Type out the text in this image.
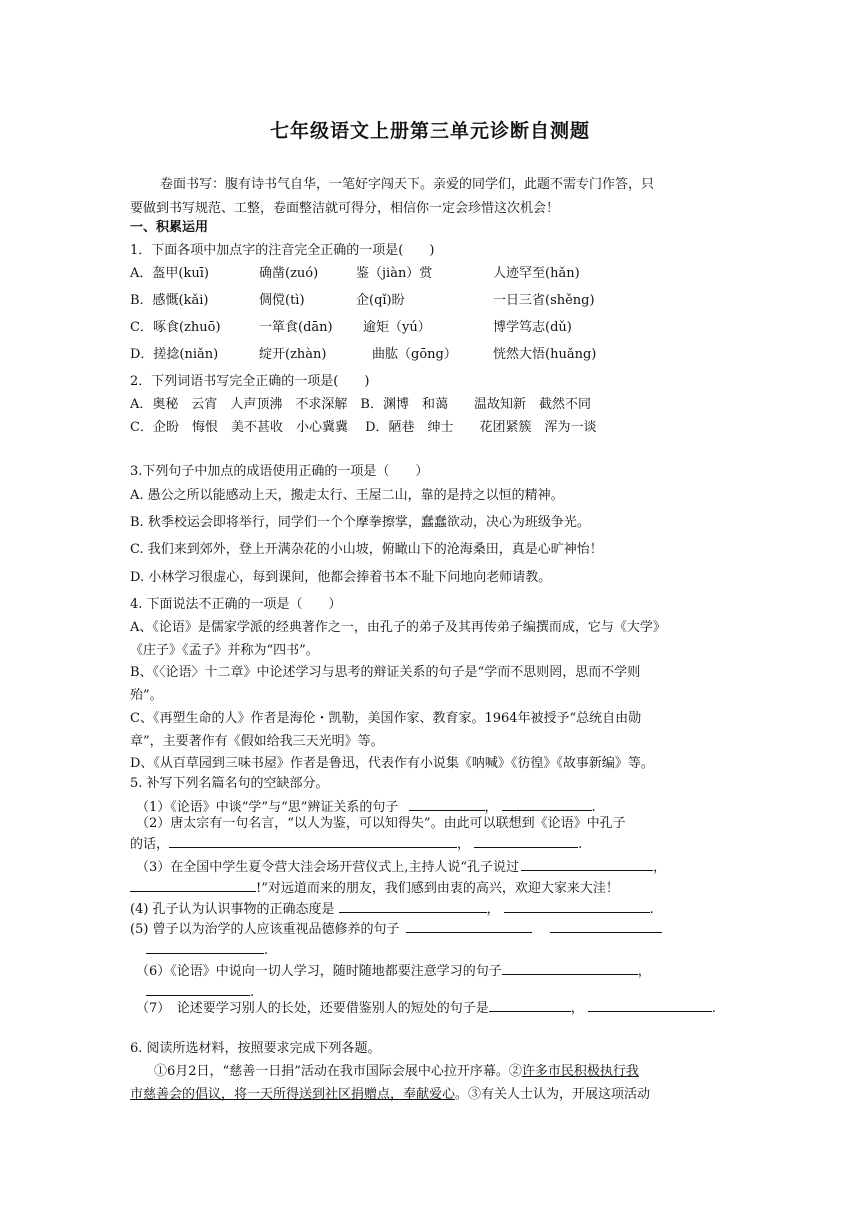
七年级语文上册第三单元诊断自测题
卷面书写：腹有诗书气自华，一笔好字闯天下。亲爱的同学们，此题不需专门作答，只
要做到书写规范、工整，卷面整洁就可得分，相信你一定会珍惜这次机会！
一、积累运用
1．下面各项中加点字的注音完全正确的一项是(　　)
A．盔甲(kuī)	确凿(zuó)	鉴（jiàn）赏	人迹罕至(hǎn)
B．感慨(kǎi)	倜傥(tì)	企(qǐ)盼	一日三省(shěng)
C．啄食(zhuō)	一箪食(dān) 逾矩（yú）	博学笃志(dǔ)
D．搓捻(niǎn)	绽开(zhàn)	曲肱（gōng）	恍然大悟(huǎng)
2．下列词语书写完全正确的一项是(　　)
A．奥秘　云宵　人声顶沸　不求深解　B．渊博　和蔼　　温故知新　截然不同
C．企盼　悔恨　美不甚收　小心冀冀　 D．陋巷　绅士　　花团紧簇　浑为一谈
3.下列句子中加点的成语使用正确的一项是（　　）
A. 愚公之所以能感动上天，搬走太行、王屋二山，靠的是持之以恒的精神。
B. 秋季校运会即将举行，同学们一个个摩拳擦掌，蠢蠢欲动，决心为班级争光。
C. 我们来到郊外，登上开满杂花的小山坡，俯瞰山下的沧海桑田，真是心旷神怡！
D. 小林学习很虚心，每到课间，他都会捧着书本不耻下问地向老师请教。
4. 下面说法不正确的一项是（　　）
A、《论语》是儒家学派的经典著作之一，由孔子的弟子及其再传弟子编撰而成，它与《大学》
《庄子》《孟子》并称为“四书”。
B、《〈论语〉十二章》中论述学习与思考的辩证关系的句子是“学而不思则罔，思而不学则
殆”。
C、《再塑生命的人》作者是海伦・凯勒，美国作家、教育家。1964年被授予“总统自由勋
章”，主要著作有《假如给我三天光明》等。
D、《从百草园到三味书屋》作者是鲁迅，代表作有小说集《呐喊》《彷徨》《故事新编》等。
5. 补写下列名篇名句的空缺部分。
（1）《论语》中谈“学”与“思”辨证关系的句子	，	.
（2）唐太宗有一句名言，“以人为鉴，可以知得失”。由此可以联想到《论语》中孔子
的话，	，	.
（3）在全国中学生夏令营大洼会场开营仪式上,主持人说“孔子说过	，
!”对远道而来的朋友，我们感到由衷的高兴，欢迎大家来大洼！
(4) 孔子认为认识事物的正确态度是	，	.
(5) 曾子以为治学的人应该重视品德修养的句子
.
（6）《论语》中说向一切人学习，随时随地都要注意学习的句子	，
.
（7）　论述要学习别人的长处，还要借鉴别人的短处的句子是	，	.
6. 阅读所选材料，按照要求完成下列各题。
①6月2日，“慈善一日捐”活动在我市国际会展中心拉开序幕。②许多市民积极执行我
市慈善会的倡议，将一天所得送到社区捐赠点，奉献爱心。③有关人士认为，开展这项活动
